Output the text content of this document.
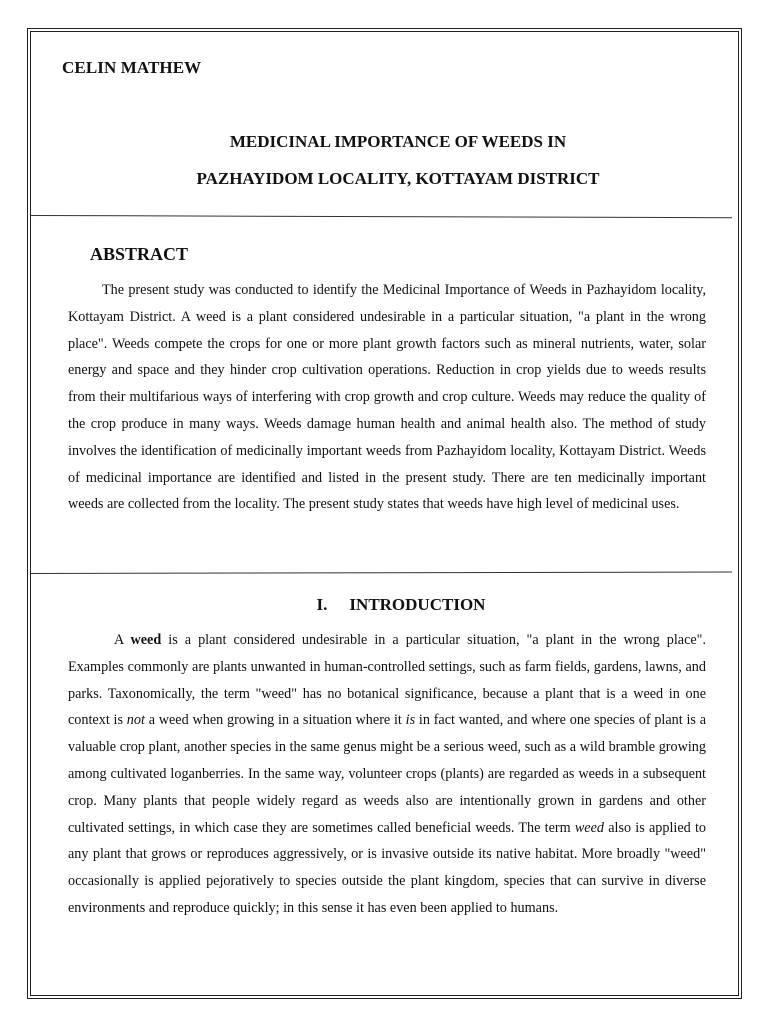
CELIN MATHEW
MEDICINAL IMPORTANCE OF WEEDS IN
PAZHAYIDOM LOCALITY, KOTTAYAM DISTRICT
ABSTRACT

The present study was conducted to identify the Medicinal Importance of Weeds in Pazhayidom locality, Kottayam District. A weed is a plant considered undesirable in a particular situation, "a plant in the wrong place". Weeds compete the crops for one or more plant growth factors such as mineral nutrients, water, solar energy and space and they hinder crop cultivation operations. Reduction in crop yields due to weeds results from their multifarious ways of interfering with crop growth and crop culture. Weeds may reduce the quality of the crop produce in many ways. Weeds damage human health and animal health also. The method of study involves the identification of medicinally important weeds from Pazhayidom locality, Kottayam District. Weeds of medicinal importance are identified and listed in the present study. There are ten medicinally important weeds are collected from the locality. The present study states that weeds have high level of medicinal uses.

I. INTRODUCTION

A weed is a plant considered undesirable in a particular situation, "a plant in the wrong place". Examples commonly are plants unwanted in human-controlled settings, such as farm fields, gardens, lawns, and parks. Taxonomically, the term "weed" has no botanical significance, because a plant that is a weed in one context is not a weed when growing in a situation where it is in fact wanted, and where one species of plant is a valuable crop plant, another species in the same genus might be a serious weed, such as a wild bramble growing among cultivated loganberries. In the same way, volunteer crops (plants) are regarded as weeds in a subsequent crop. Many plants that people widely regard as weeds also are intentionally grown in gardens and other cultivated settings, in which case they are sometimes called beneficial weeds. The term weed also is applied to any plant that grows or reproduces aggressively, or is invasive outside its native habitat. More broadly "weed" occasionally is applied pejoratively to species outside the plant kingdom, species that can survive in diverse environments and reproduce quickly; in this sense it has even been applied to humans.
